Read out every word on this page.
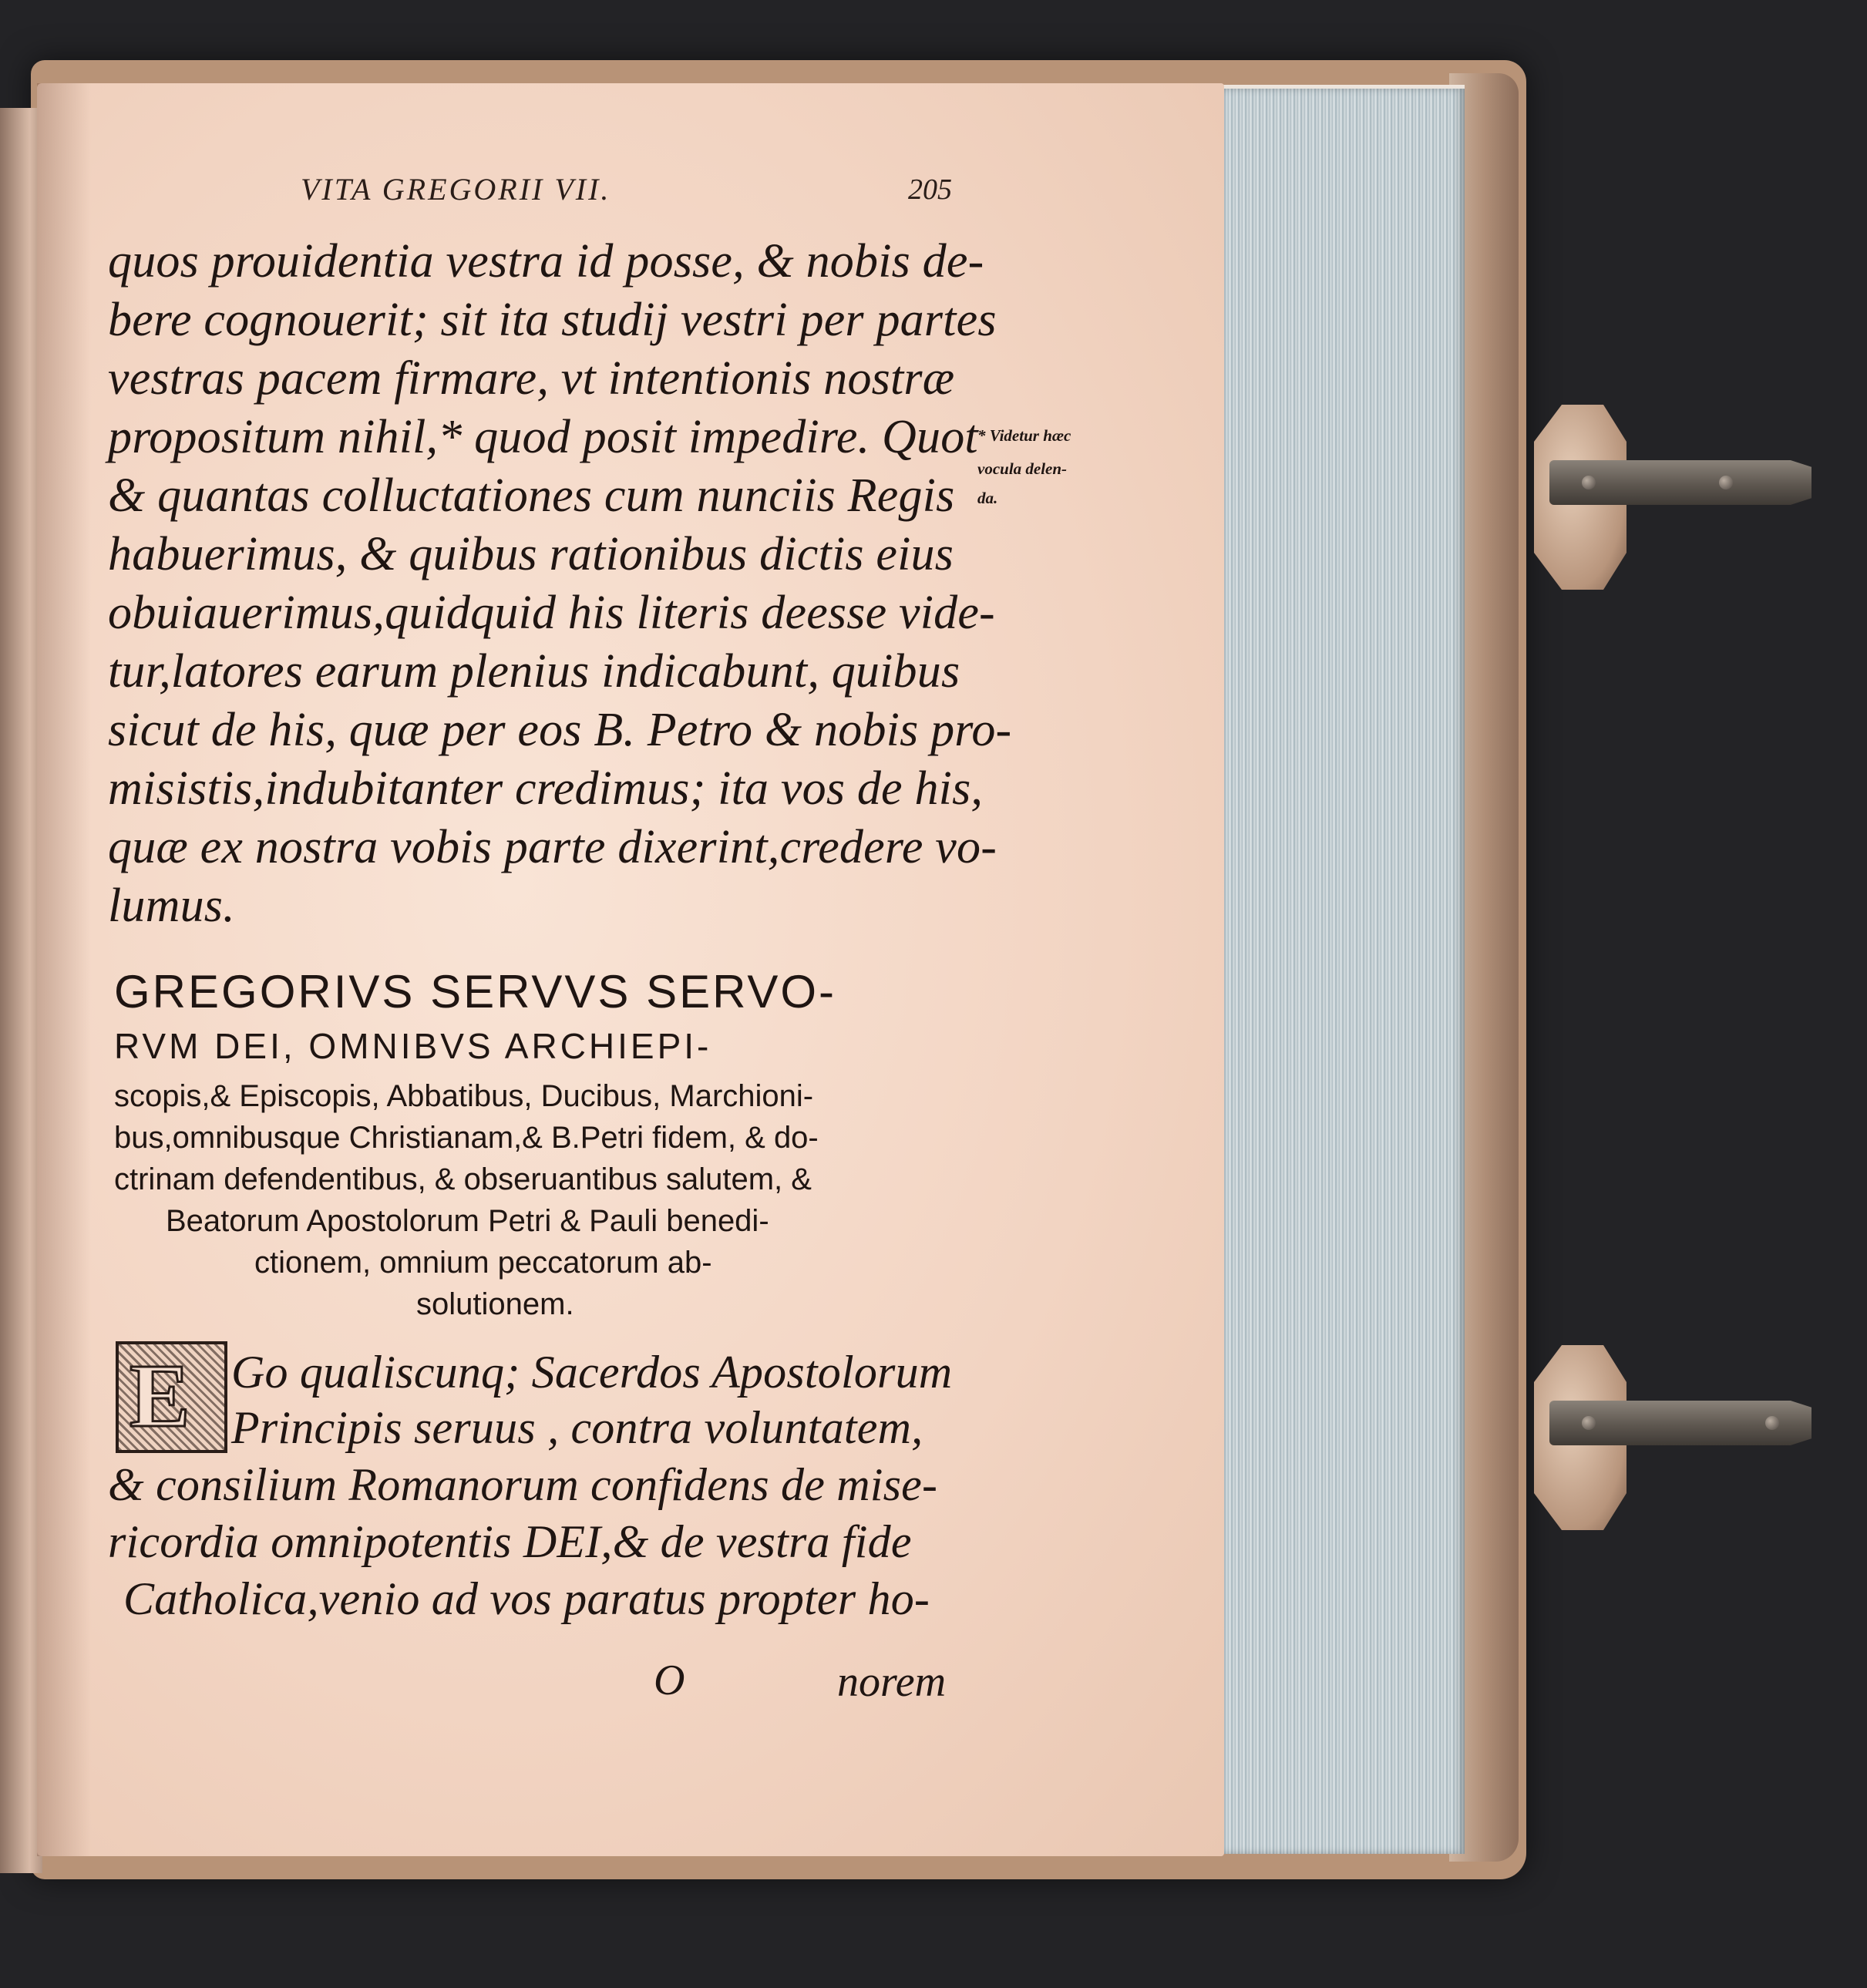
VITA GREGORII VII.	205
quos prouidentia vestra id posse, & nobis de-
bere cognouerit; sit ita studij vestri per partes
vestras pacem firmare, vt intentionis nostræ
propositum nihil,* quod posit impedire. Quot
& quantas colluctationes cum nunciis Regis
habuerimus, & quibus rationibus dictis eius
obuiauerimus,quidquid his literis deesse vide-
tur,latores earum plenius indicabunt, quibus
sicut de his, quæ per eos B. Petro & nobis pro-
misistis,indubitanter credimus; ita vos de his,
quæ ex nostra vobis parte dixerint,credere vo-
lumus.
* Videtur hæc
vocula delen-
da.
GREGORIVS SERVVS SERVO-
RVM DEI, OMNIBVS ARCHIEPI-
scopis,& Episcopis, Abbatibus, Ducibus, Marchioni-
bus,omnibusque Christianam,& B.Petri fidem, & do-
ctrinam defendentibus, & obseruantibus salutem, &
Beatorum Apostolorum Petri & Pauli benedi-
ctionem, omnium peccatorum ab-
solutionem.
E Go qualiscunq; Sacerdos Apostolorum
Principis seruus , contra voluntatem,
& consilium Romanorum confidens de mise-
ricordia omnipotentis DEI,& de vestra fide
Catholica,venio ad vos paratus propter ho-
O	norem
